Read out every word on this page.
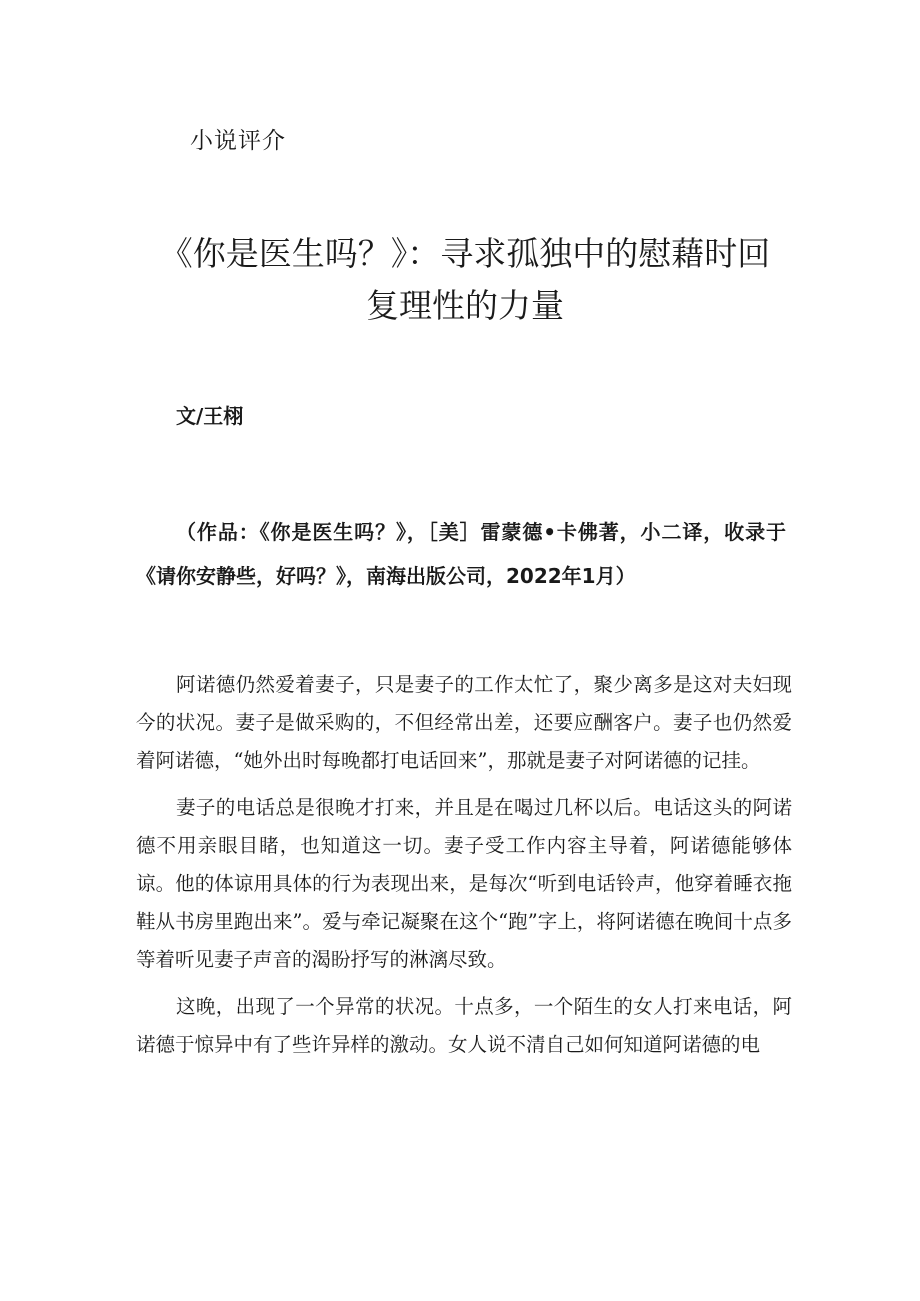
小说评介
《你是医生吗？》：寻求孤独中的慰藉时回复理性的力量
文/王栩

（作品：《你是医生吗？》，［美］雷蒙德•卡佛著，小二译，收录于《请你安静些，好吗？》，南海出版公司，2022年1月）

阿诺德仍然爱着妻子，只是妻子的工作太忙了，聚少离多是这对夫妇现今的状况。妻子是做采购的，不但经常出差，还要应酬客户。妻子也仍然爱着阿诺德，“她外出时每晚都打电话回来”，那就是妻子对阿诺德的记挂。

妻子的电话总是很晚才打来，并且是在喝过几杯以后。电话这头的阿诺德不用亲眼目睹，也知道这一切。妻子受工作内容主导着，阿诺德能够体谅。他的体谅用具体的行为表现出来，是每次“听到电话铃声，他穿着睡衣拖鞋从书房里跑出来”。爱与牵记凝聚在这个“跑”字上，将阿诺德在晚间十点多等着听见妻子声音的渴盼抒写的淋漓尽致。

这晚，出现了一个异常的状况。十点多，一个陌生的女人打来电话，阿诺德于惊异中有了些许异样的激动。女人说不清自己如何知道阿诺德的电
